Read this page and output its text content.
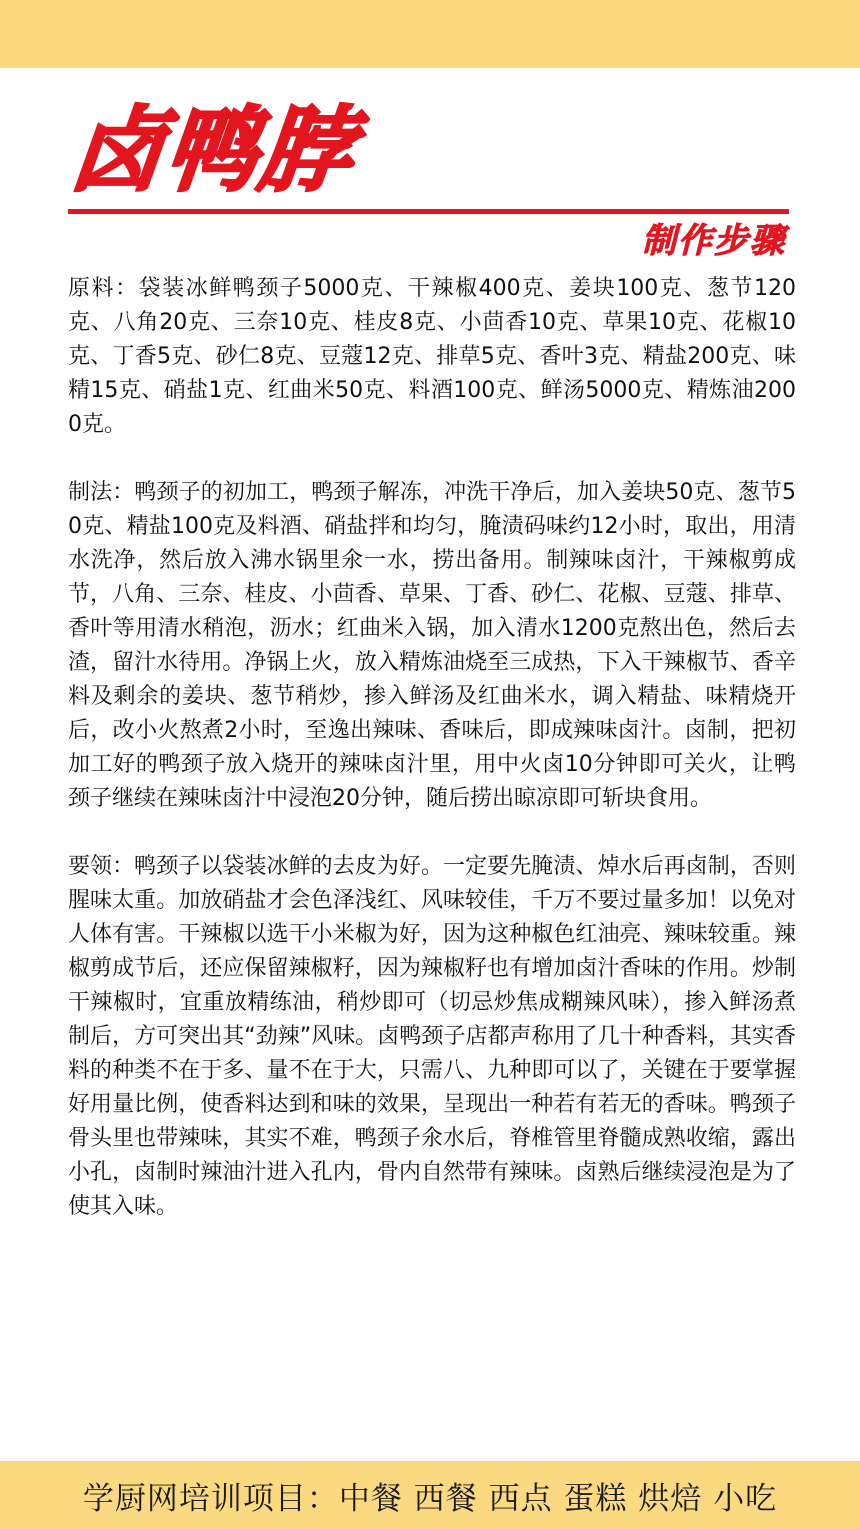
卤鸭脖
制作步骤

原料：袋装冰鲜鸭颈子5000克、干辣椒400克、姜块100克、葱节120克、八角20克、三奈10克、桂皮8克、小茴香10克、草果10克、花椒10克、丁香5克、砂仁8克、豆蔻12克、排草5克、香叶3克、精盐200克、味精15克、硝盐1克、红曲米50克、料酒100克、鲜汤5000克、精炼油2000克。

制法：鸭颈子的初加工，鸭颈子解冻，冲洗干净后，加入姜块50克、葱节50克、精盐100克及料酒、硝盐拌和均匀，腌渍码味约12小时，取出，用清水洗净，然后放入沸水锅里氽一水，捞出备用。制辣味卤汁，干辣椒剪成节，八角、三奈、桂皮、小茴香、草果、丁香、砂仁、花椒、豆蔻、排草、香叶等用清水稍泡，沥水；红曲米入锅，加入清水1200克熬出色，然后去渣，留汁水待用。净锅上火，放入精炼油烧至三成热，下入干辣椒节、香辛料及剩余的姜块、葱节稍炒，掺入鲜汤及红曲米水，调入精盐、味精烧开后，改小火熬煮2小时，至逸出辣味、香味后，即成辣味卤汁。卤制，把初加工好的鸭颈子放入烧开的辣味卤汁里，用中火卤10分钟即可关火，让鸭颈子继续在辣味卤汁中浸泡20分钟，随后捞出晾凉即可斩块食用。

要领：鸭颈子以袋装冰鲜的去皮为好。一定要先腌渍、焯水后再卤制，否则腥味太重。加放硝盐才会色泽浅红、风味较佳，千万不要过量多加！以免对人体有害。干辣椒以选干小米椒为好，因为这种椒色红油亮、辣味较重。辣椒剪成节后，还应保留辣椒籽，因为辣椒籽也有增加卤汁香味的作用。炒制干辣椒时，宜重放精练油，稍炒即可（切忌炒焦成糊辣风味），掺入鲜汤煮制后，方可突出其“劲辣”风味。卤鸭颈子店都声称用了几十种香料，其实香料的种类不在于多、量不在于大，只需八、九种即可以了，关键在于要掌握好用量比例，使香料达到和味的效果，呈现出一种若有若无的香味。鸭颈子骨头里也带辣味，其实不难，鸭颈子氽水后，脊椎管里脊髓成熟收缩，露出小孔，卤制时辣油汁进入孔内，骨内自然带有辣味。卤熟后继续浸泡是为了使其入味。

学厨网培训项目：中餐 西餐 西点 蛋糕 烘焙 小吃
